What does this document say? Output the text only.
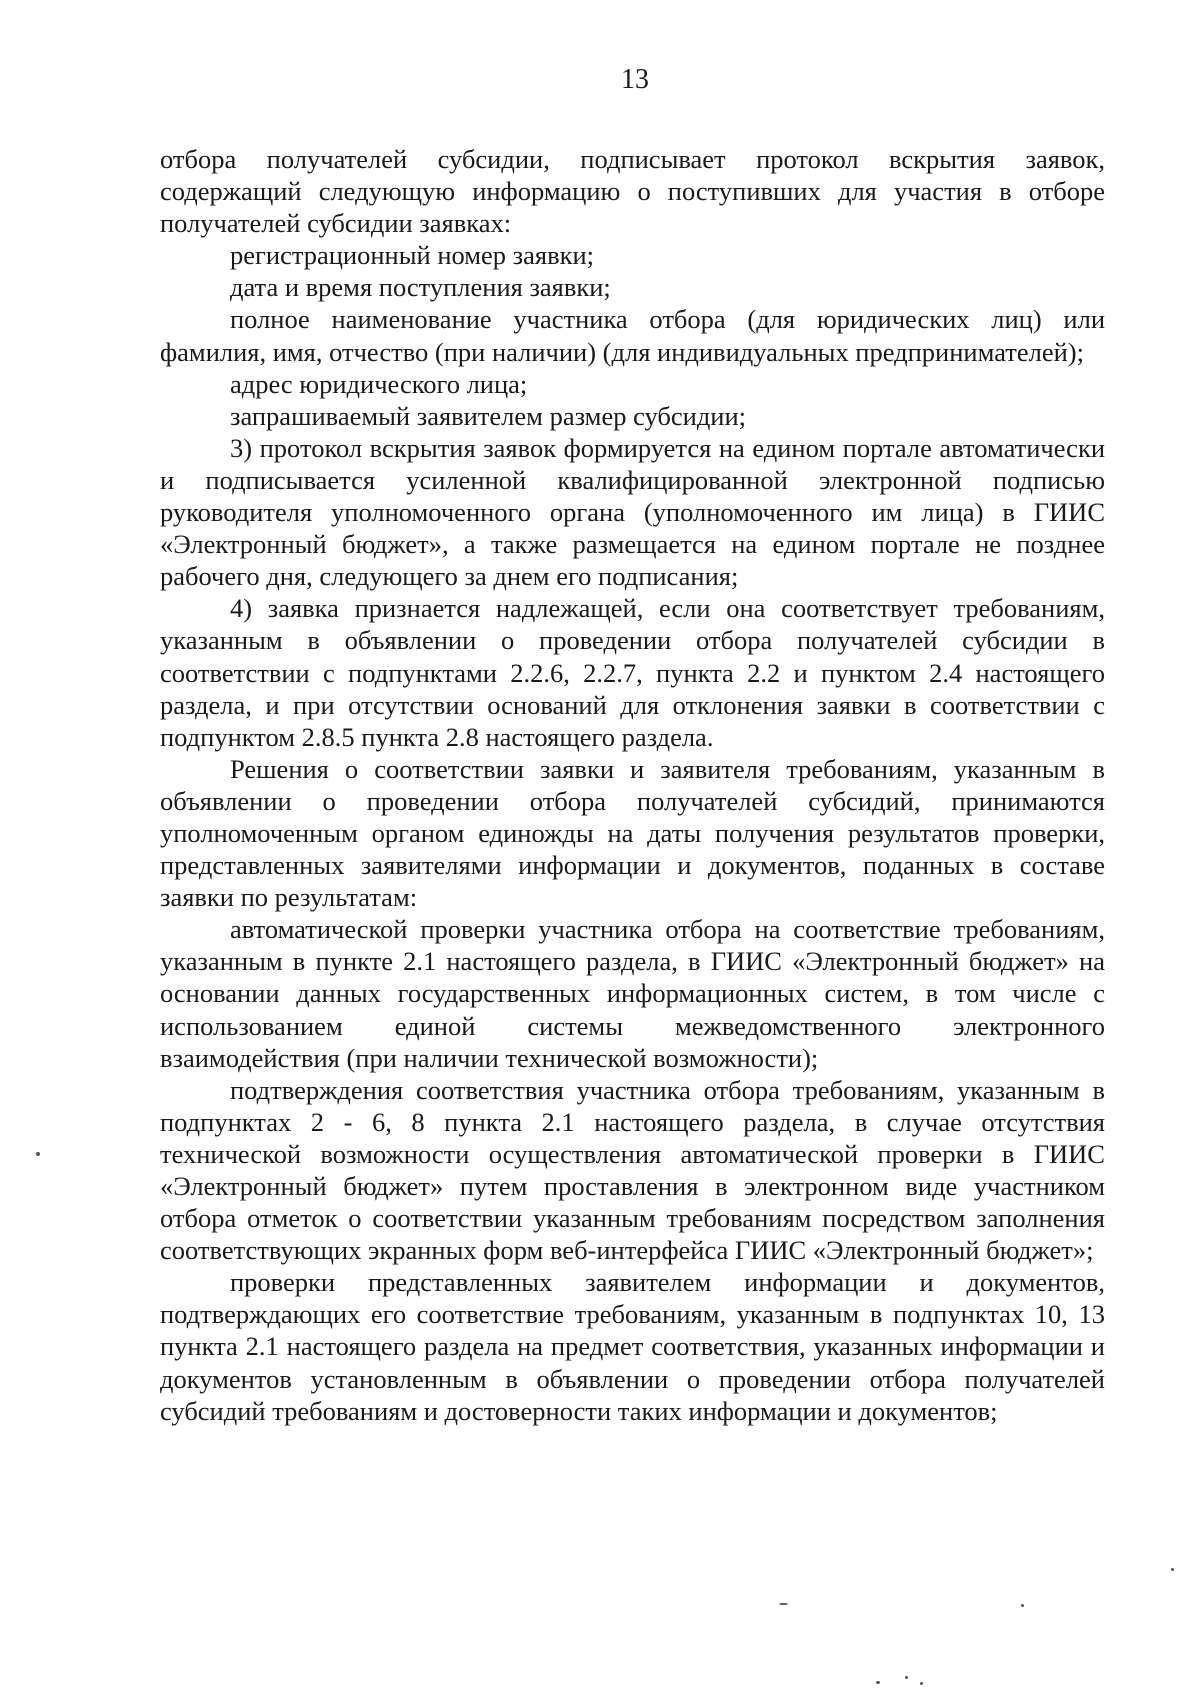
13

отбора получателей субсидии, подписывает протокол вскрытия заявок, содержащий следующую информацию о поступивших для участия в отборе получателей субсидии заявках:

регистрационный номер заявки;

дата и время поступления заявки;

полное наименование участника отбора (для юридических лиц) или фамилия, имя, отчество (при наличии) (для индивидуальных предпринимателей);

адрес юридического лица;

запрашиваемый заявителем размер субсидии;

3) протокол вскрытия заявок формируется на едином портале автоматически и подписывается усиленной квалифицированной электронной подписью руководителя уполномоченного органа (уполномоченного им лица) в ГИИС «Электронный бюджет», а также размещается на едином портале не позднее рабочего дня, следующего за днем его подписания;

4) заявка признается надлежащей, если она соответствует требованиям, указанным в объявлении о проведении отбора получателей субсидии в соответствии с подпунктами 2.2.6, 2.2.7, пункта 2.2 и пунктом 2.4 настоящего раздела, и при отсутствии оснований для отклонения заявки в соответствии с подпунктом 2.8.5 пункта 2.8 настоящего раздела.

Решения о соответствии заявки и заявителя требованиям, указанным в объявлении о проведении отбора получателей субсидий, принимаются уполномоченным органом единожды на даты получения результатов проверки, представленных заявителями информации и документов, поданных в составе заявки по результатам:

автоматической проверки участника отбора на соответствие требованиям, указанным в пункте 2.1 настоящего раздела, в ГИИС «Электронный бюджет» на основании данных государственных информационных систем, в том числе с использованием единой системы межведомственного электронного взаимодействия (при наличии технической возможности);

подтверждения соответствия участника отбора требованиям, указанным в подпунктах 2 - 6, 8 пункта 2.1 настоящего раздела, в случае отсутствия технической возможности осуществления автоматической проверки в ГИИС «Электронный бюджет» путем проставления в электронном виде участником отбора отметок о соответствии указанным требованиям посредством заполнения соответствующих экранных форм веб-интерфейса ГИИС «Электронный бюджет»;

проверки представленных заявителем информации и документов, подтверждающих его соответствие требованиям, указанным в подпунктах 10, 13 пункта 2.1 настоящего раздела на предмет соответствия, указанных информации и документов установленным в объявлении о проведении отбора получателей субсидий требованиям и достоверности таких информации и документов;
